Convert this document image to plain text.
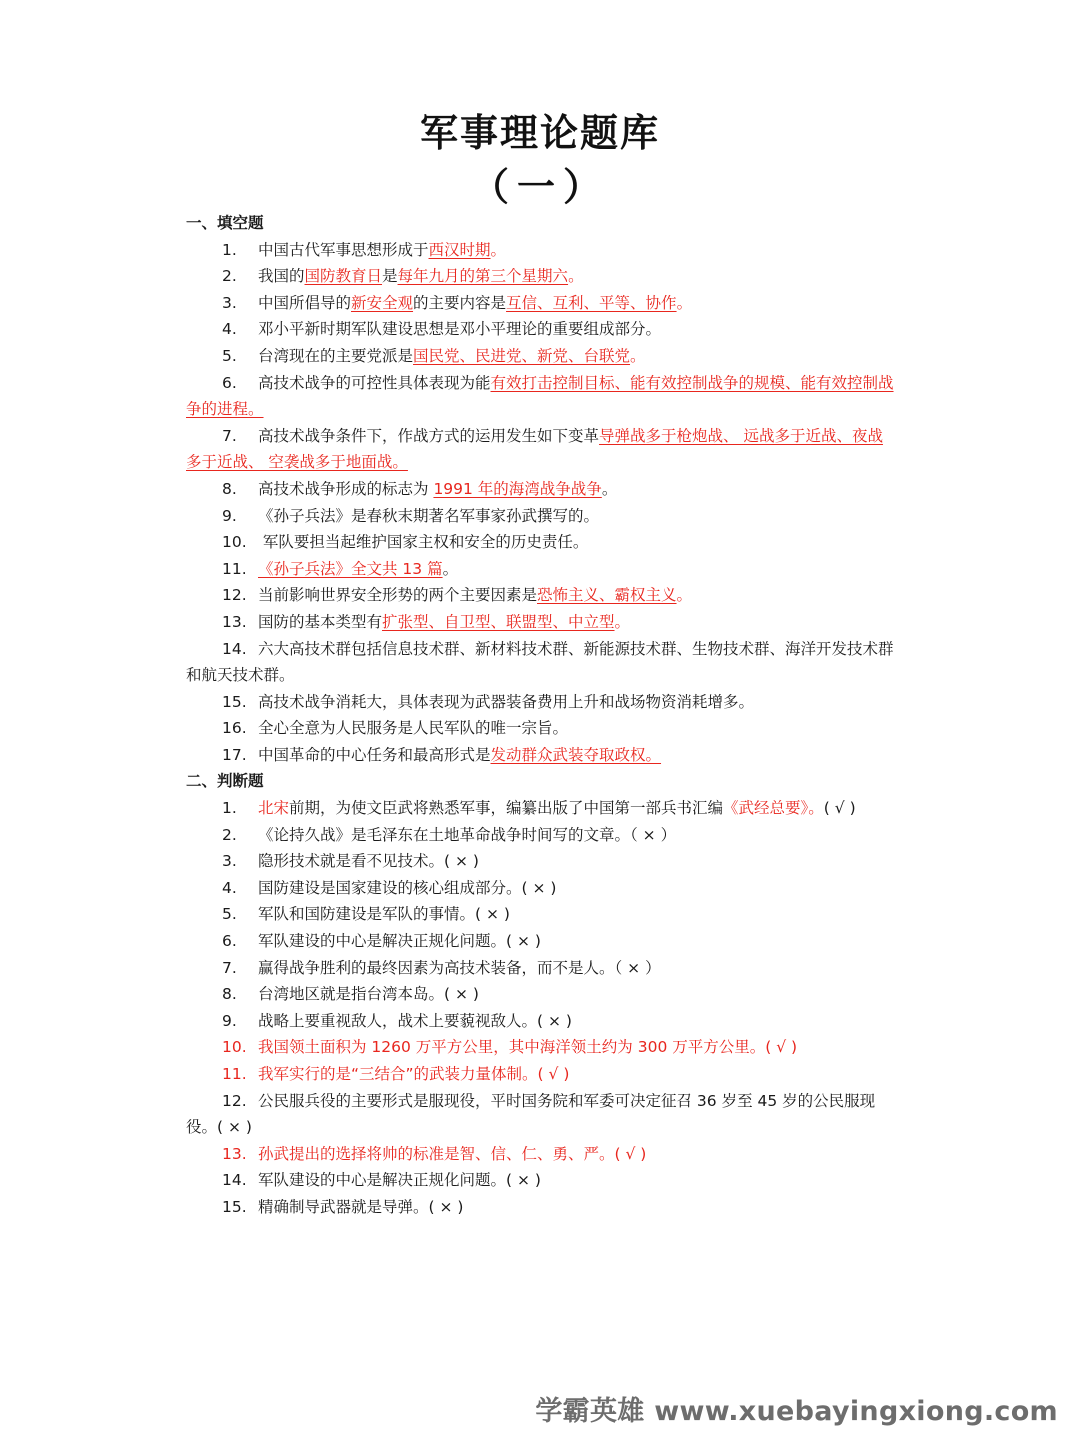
军事理论题库
（一）
一、填空题
1. 中国古代军事思想形成于西汉时期。
2. 我国的国防教育日是每年九月的第三个星期六。
3. 中国所倡导的新安全观的主要内容是互信、互利、平等、协作。
4. 邓小平新时期军队建设思想是邓小平理论的重要组成部分。
5. 台湾现在的主要党派是国民党、民进党、新党、台联党。
6. 高技术战争的可控性具体表现为能有效打击控制目标、能有效控制战争的规模、能有效控制战争的进程。
7. 高技术战争条件下，作战方式的运用发生如下变革导弹战多于枪炮战、 远战多于近战、夜战多于近战、 空袭战多于地面战。
8. 高技术战争形成的标志为 1991 年的海湾战争战争。
9. 《孙子兵法》是春秋末期著名军事家孙武撰写的。
10. 军队要担当起维护国家主权和安全的历史责任。
11. 《孙子兵法》全文共 13 篇。
12. 当前影响世界安全形势的两个主要因素是恐怖主义、霸权主义。
13. 国防的基本类型有扩张型、自卫型、联盟型、中立型。
14. 六大高技术群包括信息技术群、新材料技术群、新能源技术群、生物技术群、海洋开发技术群和航天技术群。
15. 高技术战争消耗大，具体表现为武器装备费用上升和战场物资消耗增多。
16. 全心全意为人民服务是人民军队的唯一宗旨。
17. 中国革命的中心任务和最高形式是发动群众武装夺取政权。
二、判断题
1. 北宋前期，为使文臣武将熟悉军事，编纂出版了中国第一部兵书汇编《武经总要》。( √ )
2. 《论持久战》是毛泽东在土地革命战争时间写的文章。（ × ）
3. 隐形技术就是看不见技术。( × )
4. 国防建设是国家建设的核心组成部分。( × )
5. 军队和国防建设是军队的事情。( × )
6. 军队建设的中心是解决正规化问题。( × )
7. 赢得战争胜利的最终因素为高技术装备，而不是人。（ × ）
8. 台湾地区就是指台湾本岛。( × )
9. 战略上要重视敌人，战术上要藐视敌人。( × )
10. 我国领土面积为 1260 万平方公里，其中海洋领土约为 300 万平方公里。( √ )
11. 我军实行的是“三结合”的武装力量体制。( √ )
12. 公民服兵役的主要形式是服现役，平时国务院和军委可决定征召 36 岁至 45 岁的公民服现役。( × )
13. 孙武提出的选择将帅的标准是智、信、仁、勇、严。( √ )
14. 军队建设的中心是解决正规化问题。( × )
15. 精确制导武器就是导弹。( × )
学霸英雄 www.xuebayingxiong.com
